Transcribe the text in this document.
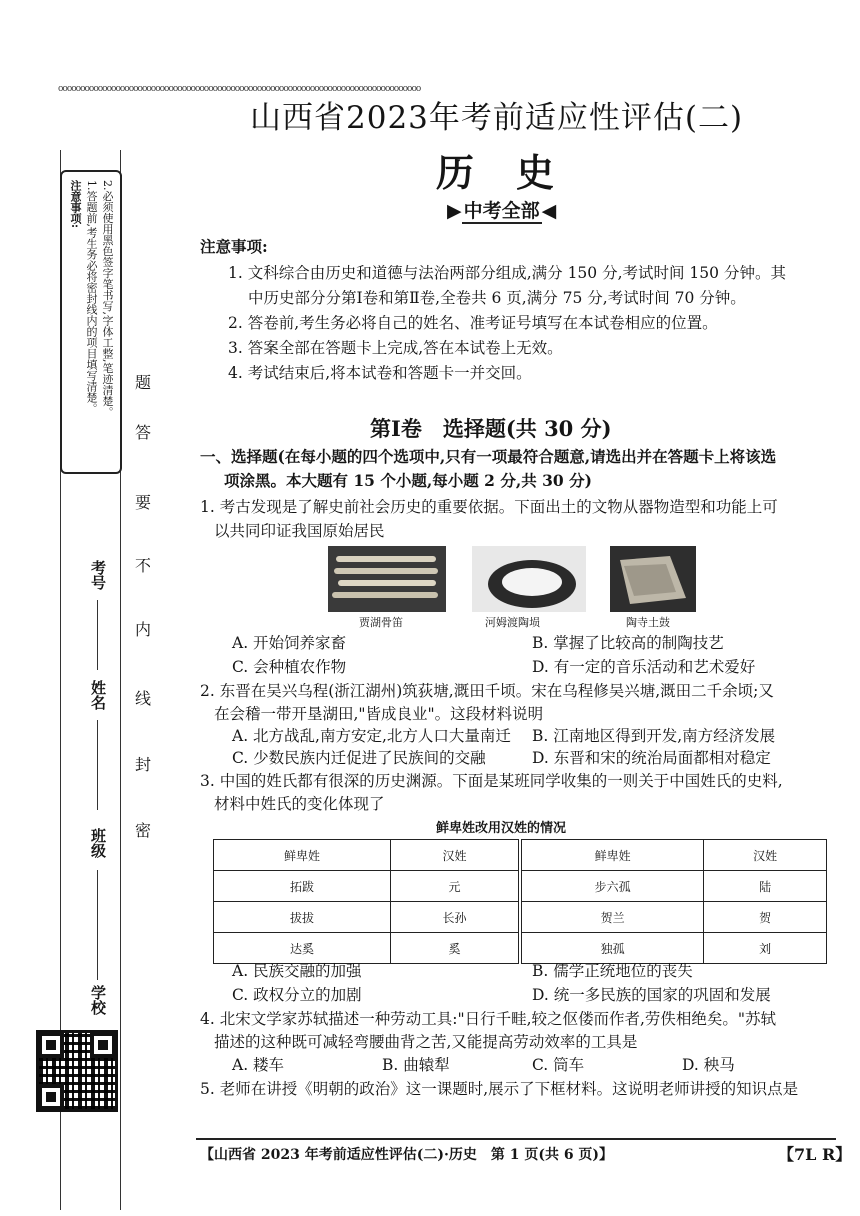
oooooooooooooooooooooooooooooooooooooooooooooooooooooooooooooooooooooooooooooooooo
注意事项: 1.答题前,考生务必将密封线内的项目填写清楚。 2.必须使用黑色签字笔书写,字体工整,笔迹清楚。
考号
姓名
班级
学校
题
答
要
不
内
线
封
密
山西省2023年考前适应性评估(二)
历史
▶ 中考全部 ◀
注意事项:
1. 文科综合由历史和道德与法治两部分组成,满分 150 分,考试时间 150 分钟。其
中历史部分分第Ⅰ卷和第Ⅱ卷,全卷共 6 页,满分 75 分,考试时间 70 分钟。
2. 答卷前,考生务必将自己的姓名、准考证号填写在本试卷相应的位置。
3. 答案全部在答题卡上完成,答在本试卷上无效。
4. 考试结束后,将本试卷和答题卡一并交回。
第Ⅰ卷　选择题(共 30 分)
一、选择题(在每小题的四个选项中,只有一项最符合题意,请选出并在答题卡上将该选
项涂黑。本大题有 15 个小题,每小题 2 分,共 30 分)
1. 考古发现是了解史前社会历史的重要依据。下面出土的文物从器物造型和功能上可
以共同印证我国原始居民
贾湖骨笛	河姆渡陶埙	陶寺土鼓
A. 开始饲养家畜	B. 掌握了比较高的制陶技艺
C. 会种植农作物	D. 有一定的音乐活动和艺术爱好
2. 东晋在吴兴乌程(浙江湖州)筑荻塘,溉田千顷。宋在乌程修吴兴塘,溉田二千余顷;又
在会稽一带开垦湖田,"皆成良业"。这段材料说明
A. 北方战乱,南方安定,北方人口大量南迁 B. 江南地区得到开发,南方经济发展
C. 少数民族内迁促进了民族间的交融	D. 东晋和宋的统治局面都相对稳定
3. 中国的姓氏都有很深的历史渊源。下面是某班同学收集的一则关于中国姓氏的史料,
材料中姓氏的变化体现了
鲜卑姓改用汉姓的情况
鲜卑姓	汉姓	鲜卑姓	汉姓
拓跋	元	步六孤	陆
拔拔	长孙	贺兰	贺
达奚	奚	独孤	刘
A. 民族交融的加强	B. 儒学正统地位的丧失
C. 政权分立的加剧	D. 统一多民族的国家的巩固和发展
4. 北宋文学家苏轼描述一种劳动工具:"日行千畦,较之伛偻而作者,劳佚相绝矣。"苏轼
描述的这种既可减轻弯腰曲背之苦,又能提高劳动效率的工具是
A. 耧车	B. 曲辕犁	C. 筒车	D. 秧马
5. 老师在讲授《明朝的政治》这一课题时,展示了下框材料。这说明老师讲授的知识点是
【山西省 2023 年考前适应性评估(二)·历史　第 1 页(共 6 页)】	【7L R】
